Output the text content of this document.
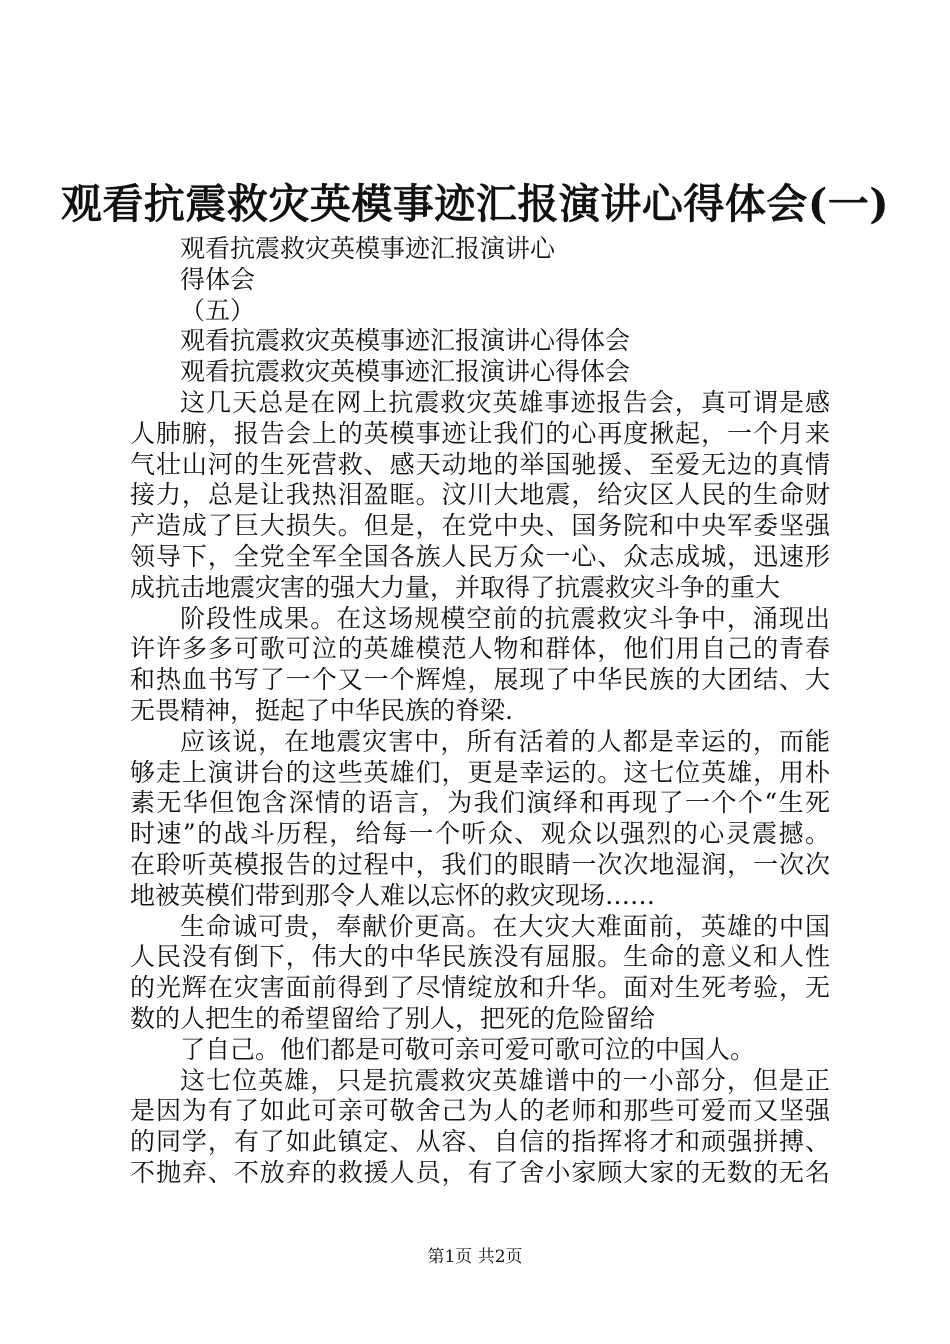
观看抗震救灾英模事迹汇报演讲心得体会(一)
观看抗震救灾英模事迹汇报演讲心
得体会
（五）
观看抗震救灾英模事迹汇报演讲心得体会
观看抗震救灾英模事迹汇报演讲心得体会
这几天总是在网上抗震救灾英雄事迹报告会，真可谓是感
人肺腑，报告会上的英模事迹让我们的心再度揪起，一个月来
气壮山河的生死营救、感天动地的举国驰援、至爱无边的真情
接力，总是让我热泪盈眶。汶川大地震，给灾区人民的生命财
产造成了巨大损失。但是，在党中央、国务院和中央军委坚强
领导下，全党全军全国各族人民万众一心、众志成城，迅速形
成抗击地震灾害的强大力量，并取得了抗震救灾斗争的重大
阶段性成果。在这场规模空前的抗震救灾斗争中，涌现出
许许多多可歌可泣的英雄模范人物和群体，他们用自己的青春
和热血书写了一个又一个辉煌，展现了中华民族的大团结、大
无畏精神，挺起了中华民族的脊梁.
应该说，在地震灾害中，所有活着的人都是幸运的，而能
够走上演讲台的这些英雄们，更是幸运的。这七位英雄，用朴
素无华但饱含深情的语言，为我们演绎和再现了一个个“生死
时速”的战斗历程，给每一个听众、观众以强烈的心灵震撼。
在聆听英模报告的过程中，我们的眼睛一次次地湿润，一次次
地被英模们带到那令人难以忘怀的救灾现场……
生命诚可贵，奉献价更高。在大灾大难面前，英雄的中国
人民没有倒下，伟大的中华民族没有屈服。生命的意义和人性
的光辉在灾害面前得到了尽情绽放和升华。面对生死考验，无
数的人把生的希望留给了别人，把死的危险留给
了自己。他们都是可敬可亲可爱可歌可泣的中国人。
这七位英雄，只是抗震救灾英雄谱中的一小部分，但是正
是因为有了如此可亲可敬舍己为人的老师和那些可爱而又坚强
的同学，有了如此镇定、从容、自信的指挥将才和顽强拼搏、
不抛弃、不放弃的救援人员，有了舍小家顾大家的无数的无名
第1页 共2页
